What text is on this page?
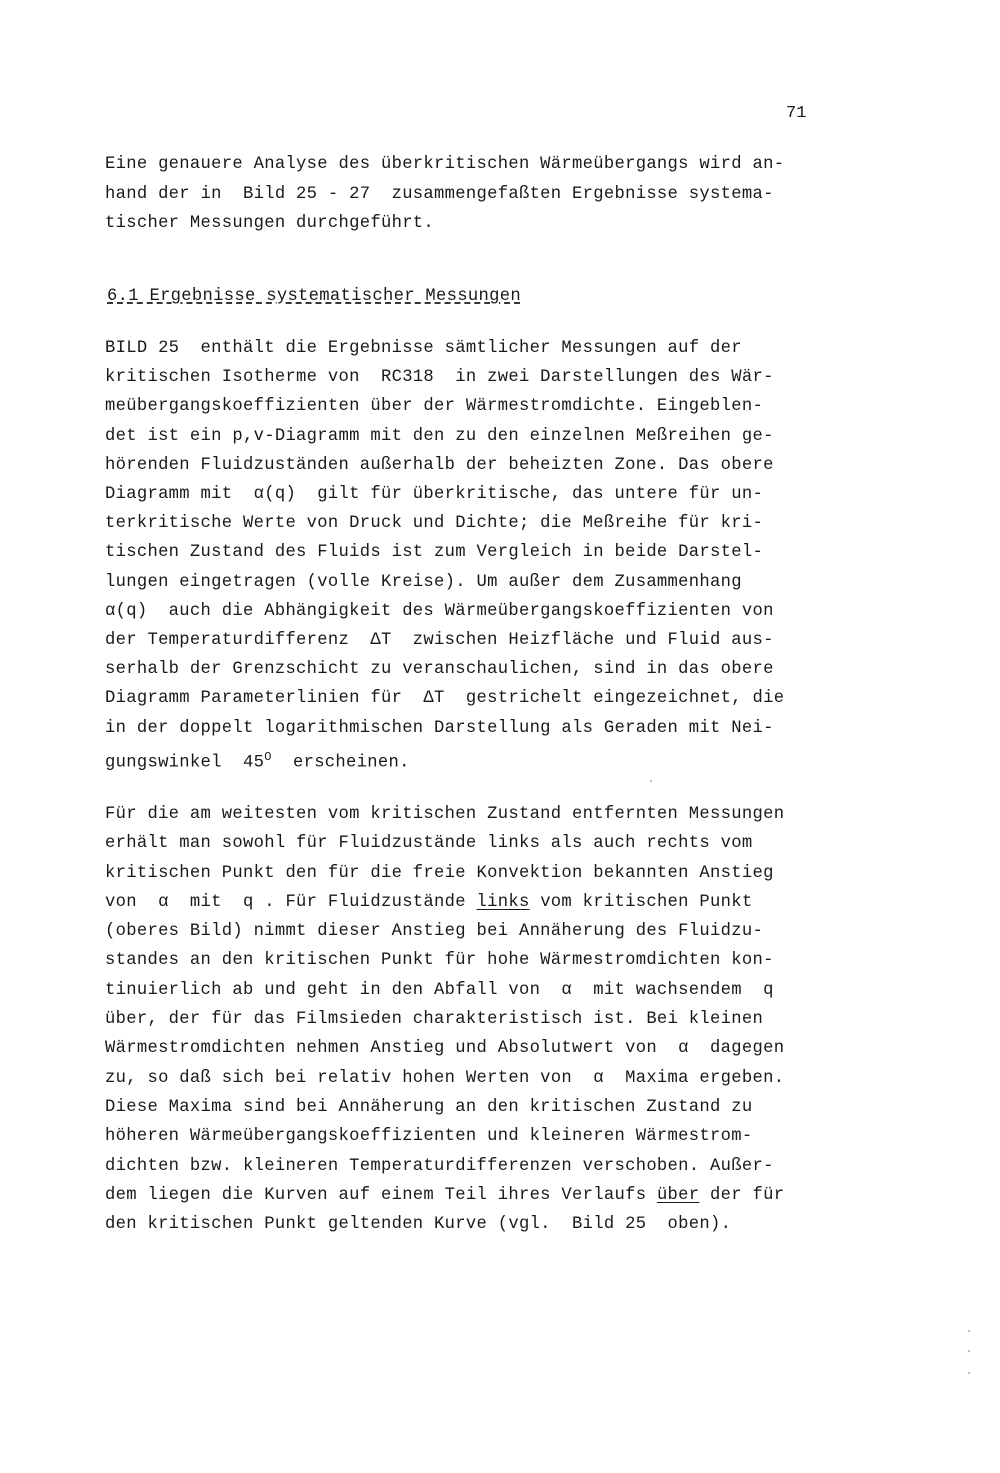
71
Eine genauere Analyse des überkritischen Wärmeübergangs wird an-
hand der in  Bild 25 - 27  zusammengefaßten Ergebnisse systema-
tischer Messungen durchgeführt.
6.1 Ergebnisse systematischer Messungen
BILD 25  enthält die Ergebnisse sämtlicher Messungen auf der
kritischen Isotherme von  RC318  in zwei Darstellungen des Wär-
meübergangskoeffizienten über der Wärmestromdichte. Eingeblen-
det ist ein p,v-Diagramm mit den zu den einzelnen Meßreihen ge-
hörenden Fluidzuständen außerhalb der beheizten Zone. Das obere
Diagramm mit  α(q)  gilt für überkritische, das untere für un-
terkritische Werte von Druck und Dichte; die Meßreihe für kri-
tischen Zustand des Fluids ist zum Vergleich in beide Darstel-
lungen eingetragen (volle Kreise). Um außer dem Zusammenhang
α(q)  auch die Abhängigkeit des Wärmeübergangskoeffizienten von
der Temperaturdifferenz  ΔT  zwischen Heizfläche und Fluid aus-
serhalb der Grenzschicht zu veranschaulichen, sind in das obere
Diagramm Parameterlinien für  ΔT  gestrichelt eingezeichnet, die
in der doppelt logarithmischen Darstellung als Geraden mit Nei-
gungswinkel  $45^O$  erscheinen.
Für die am weitesten vom kritischen Zustand entfernten Messungen
erhält man sowohl für Fluidzustände links als auch rechts vom
kritischen Punkt den für die freie Konvektion bekannten Anstieg
von  α  mit  q . Für Fluidzustände links vom kritischen Punkt
(oberes Bild) nimmt dieser Anstieg bei Annäherung des Fluidzu-
standes an den kritischen Punkt für hohe Wärmestromdichten kon-
tinuierlich ab und geht in den Abfall von  α  mit wachsendem  q
über, der für das Filmsieden charakteristisch ist. Bei kleinen
Wärmestromdichten nehmen Anstieg und Absolutwert von  α  dagegen
zu, so daß sich bei relativ hohen Werten von  α  Maxima ergeben.
Diese Maxima sind bei Annäherung an den kritischen Zustand zu
höheren Wärmeübergangskoeffizienten und kleineren Wärmestrom-
dichten bzw. kleineren Temperaturdifferenzen verschoben. Außer-
dem liegen die Kurven auf einem Teil ihres Verlaufs über der für
den kritischen Punkt geltenden Kurve (vgl.  Bild 25  oben).
